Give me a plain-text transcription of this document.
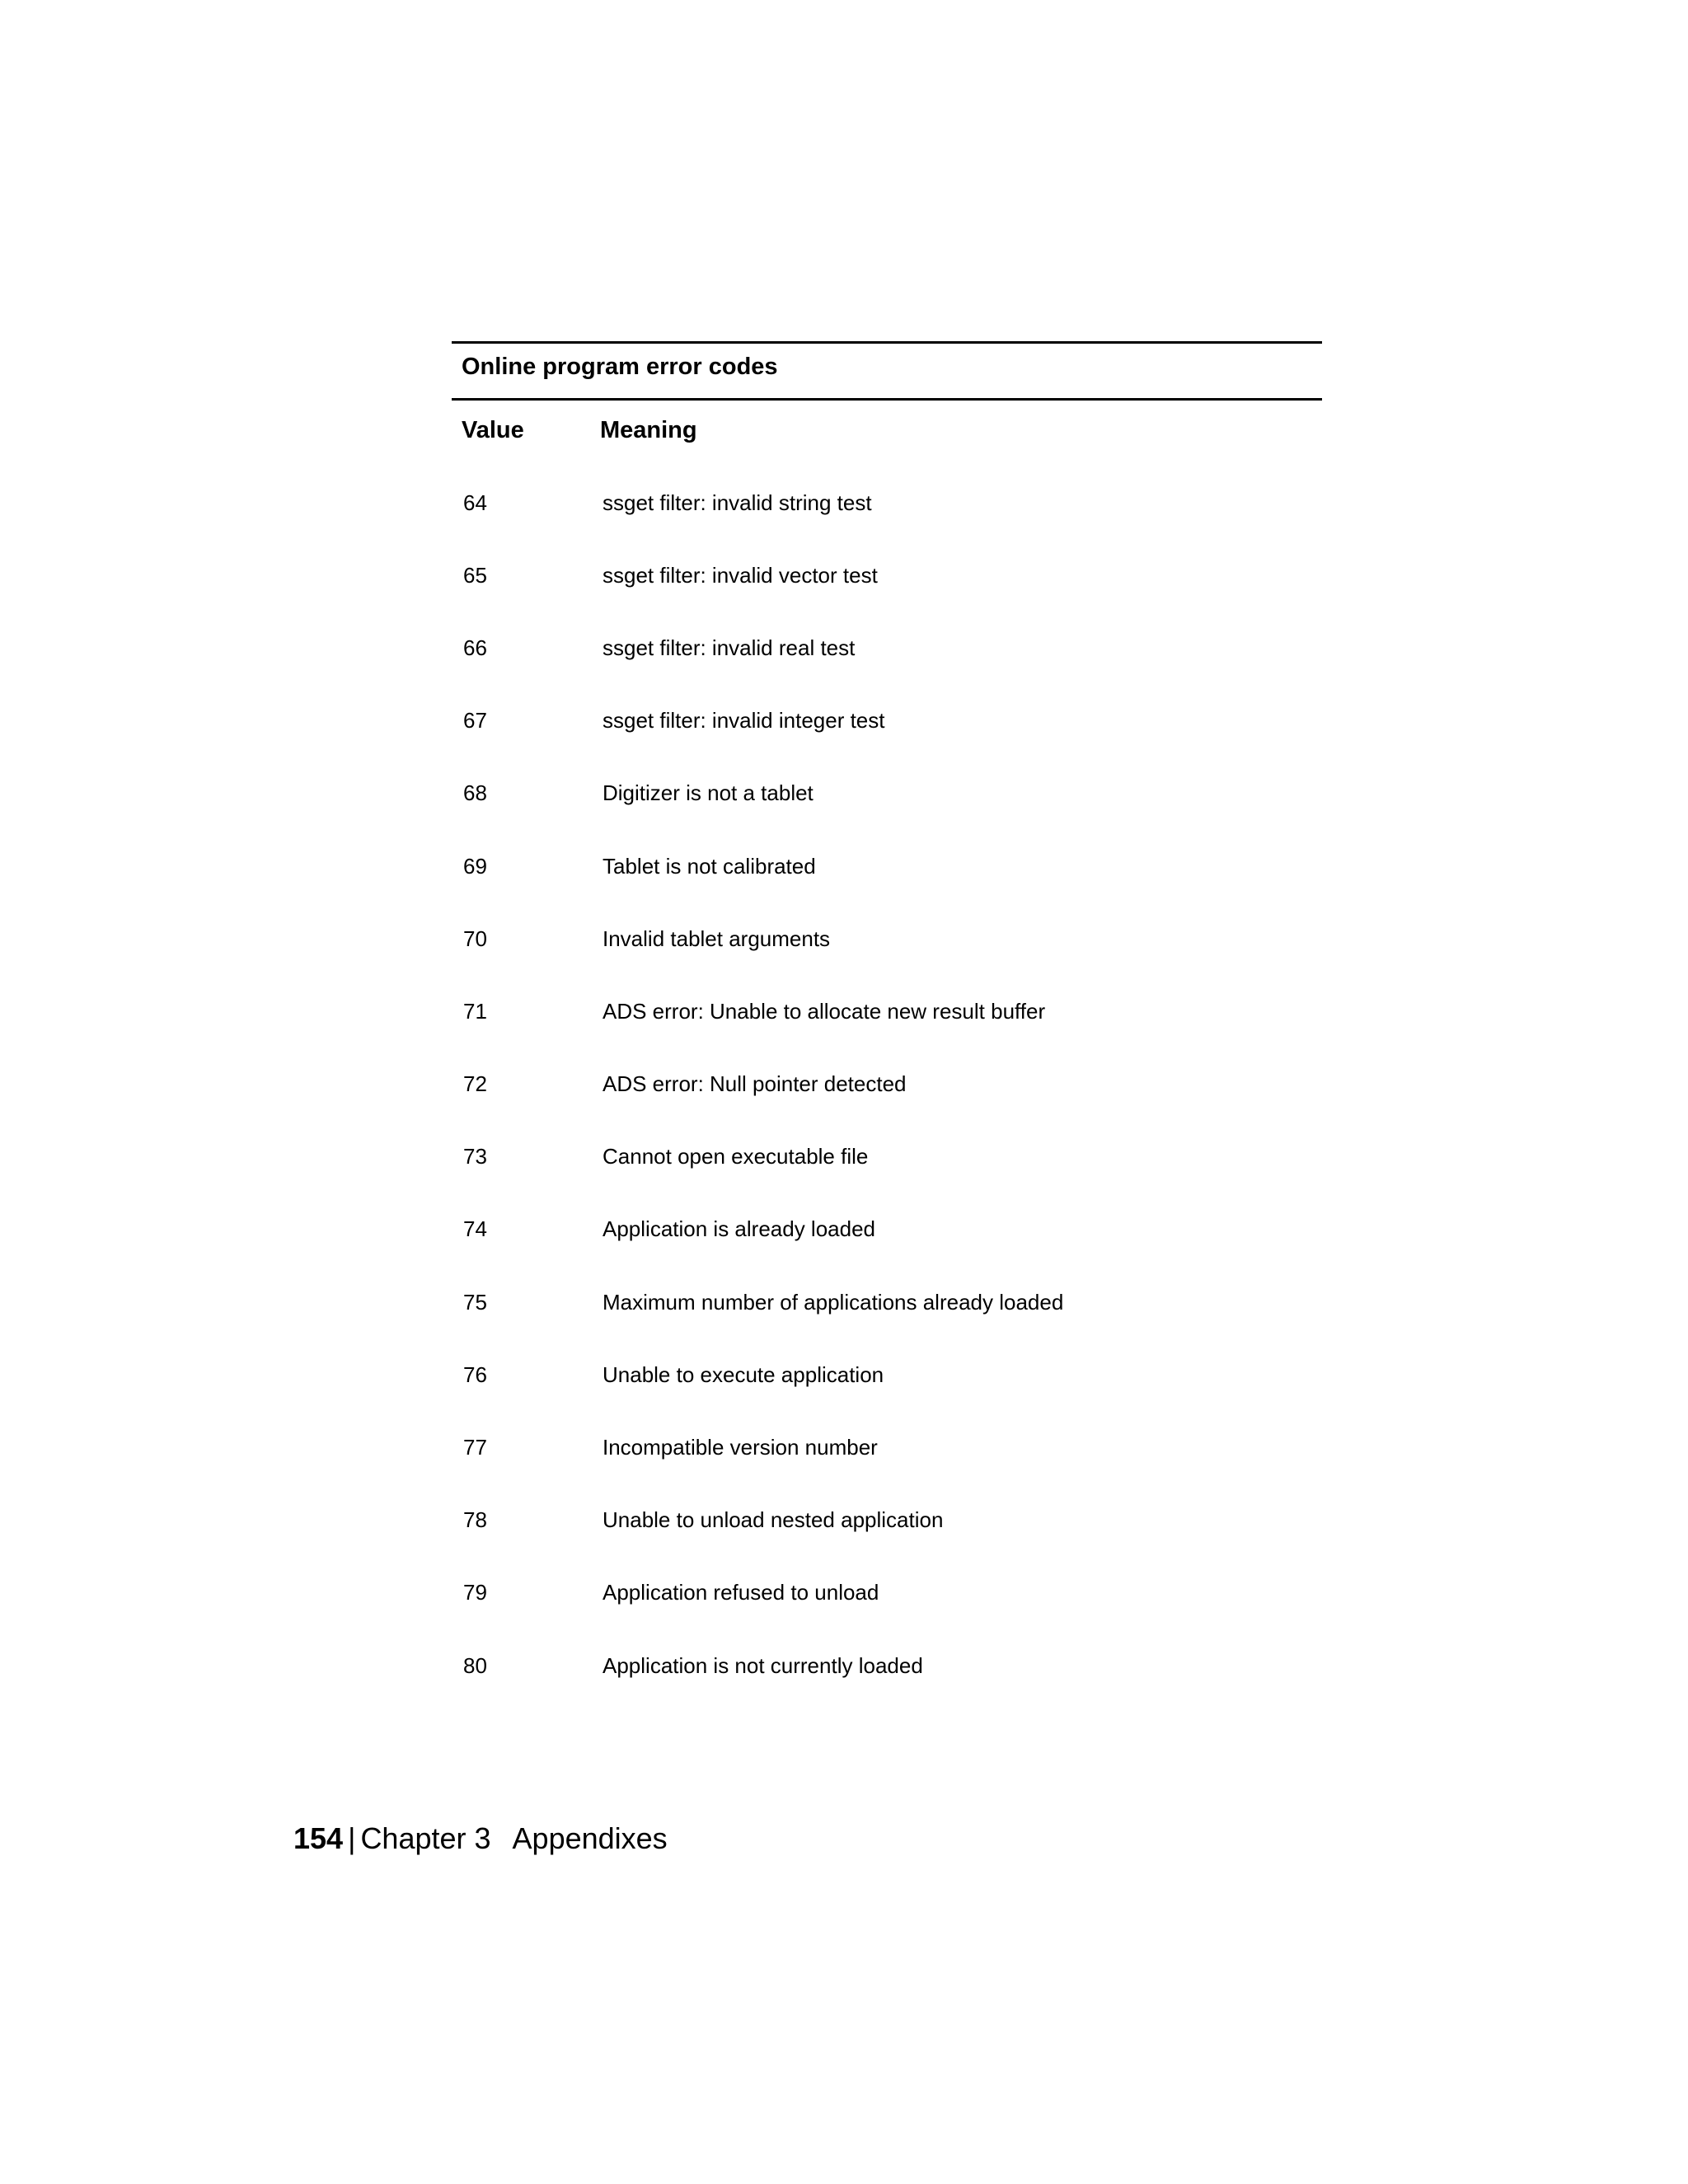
Online program error codes
Value	Meaning
64	ssget filter: invalid string test
65	ssget filter: invalid vector test
66	ssget filter: invalid real test
67	ssget filter: invalid integer test
68	Digitizer is not a tablet
69	Tablet is not calibrated
70	Invalid tablet arguments
71	ADS error: Unable to allocate new result buffer
72	ADS error: Null pointer detected
73	Cannot open executable file
74	Application is already loaded
75	Maximum number of applications already loaded
76	Unable to execute application
77	Incompatible version number
78	Unable to unload nested application
79	Application refused to unload
80	Application is not currently loaded
154 | Chapter 3 Appendixes
